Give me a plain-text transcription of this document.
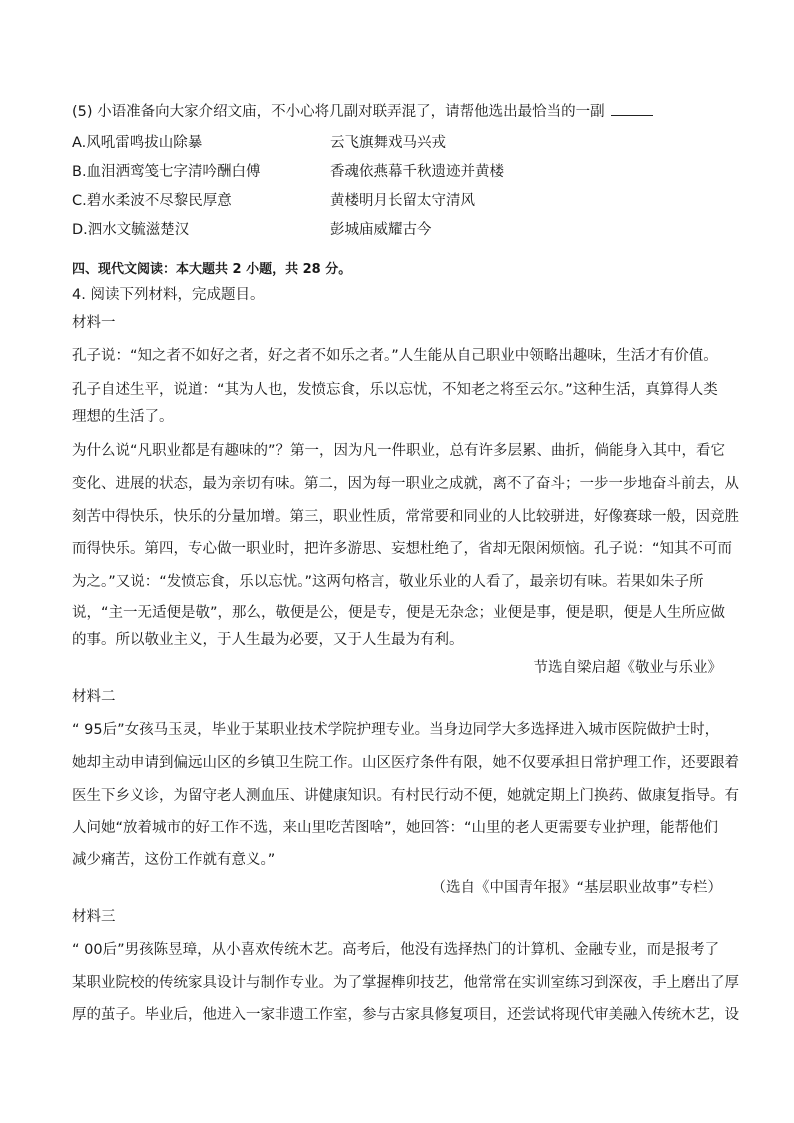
(5) 小语准备向大家介绍文庙，不小心将几副对联弄混了，请帮他选出最恰当的一副
A.风吼雷鸣拔山除暴	云飞旗舞戏马兴戎
B.血泪洒鸾笺七字清吟酬白傅	香魂依燕幕千秋遗迹并黄楼
C.碧水柔波不尽黎民厚意	黄楼明月长留太守清风
D.泗水文毓滋楚汉	彭城庙威耀古今
四、现代文阅读：本大题共 2 小题，共 28 分。
4. 阅读下列材料，完成题目。
材料一
孔子说：“知之者不如好之者，好之者不如乐之者。”人生能从自己职业中领略出趣味，生活才有价值。
孔子自述生平，说道：“其为人也，发愤忘食，乐以忘忧，不知老之将至云尔。”这种生活，真算得人类
理想的生活了。
为什么说“凡职业都是有趣味的”？第一，因为凡一件职业，总有许多层累、曲折，倘能身入其中，看它
变化、进展的状态，最为亲切有味。第二，因为每一职业之成就，离不了奋斗；一步一步地奋斗前去，从
刻苦中得快乐，快乐的分量加增。第三，职业性质，常常要和同业的人比较骈进，好像赛球一般，因竞胜
而得快乐。第四，专心做一职业时，把许多游思、妄想杜绝了，省却无限闲烦恼。孔子说：“知其不可而
为之。”又说：“发愤忘食，乐以忘忧。”这两句格言，敬业乐业的人看了，最亲切有味。若果如朱子所
说，“主一无适便是敬”，那么，敬便是公，便是专，便是无杂念；业便是事，便是职，便是人生所应做
的事。所以敬业主义，于人生最为必要，又于人生最为有利。
节选自梁启超《敬业与乐业》
材料二
“ 95后”女孩马玉灵，毕业于某职业技术学院护理专业。当身边同学大多选择进入城市医院做护士时，
她却主动申请到偏远山区的乡镇卫生院工作。山区医疗条件有限，她不仅要承担日常护理工作，还要跟着
医生下乡义诊，为留守老人测血压、讲健康知识。有村民行动不便，她就定期上门换药、做康复指导。有
人问她“放着城市的好工作不选，来山里吃苦图啥”，她回答：“山里的老人更需要专业护理，能帮他们
减少痛苦，这份工作就有意义。”
（选自《中国青年报》“基层职业故事”专栏）
材料三
“ 00后”男孩陈昱璋，从小喜欢传统木艺。高考后，他没有选择热门的计算机、金融专业，而是报考了
某职业院校的传统家具设计与制作专业。为了掌握榫卯技艺，他常常在实训室练习到深夜，手上磨出了厚
厚的茧子。毕业后，他进入一家非遗工作室，参与古家具修复项目，还尝试将现代审美融入传统木艺，设
